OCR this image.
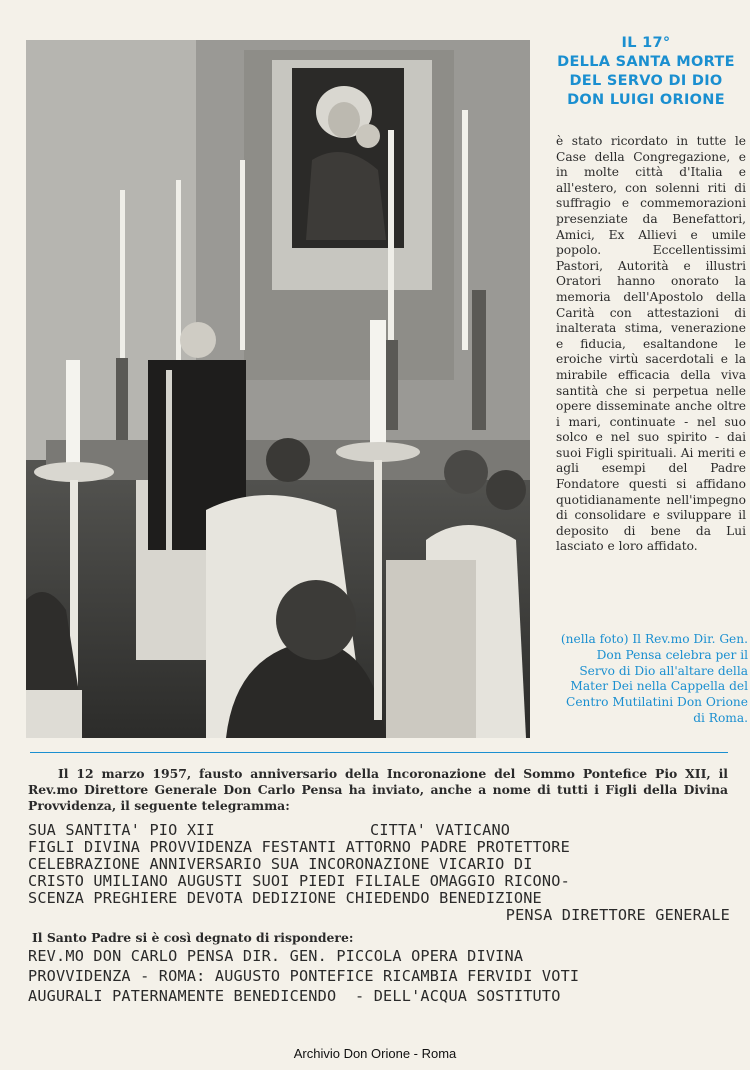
IL 17°
DELLA SANTA MORTE
DEL SERVO DI DIO
DON LUIGI ORIONE
è stato ricordato in tutte le Case della Congregazione, e in molte città d'Italia e all'estero, con solenni riti di suffragio e commemorazioni presenziate da Benefattori, Amici, Ex Allievi e umile popolo. Eccellentissimi Pastori, Autorità e illustri Oratori hanno onorato la memoria dell'Apostolo della Carità con attestazioni di inalterata stima, venerazione e fiducia, esaltandone le eroiche virtù sacerdotali e la mirabile efficacia della viva santità che si perpetua nelle opere disseminate anche oltre i mari, continuate - nel suo solco e nel suo spirito - dai suoi Figli spirituali. Ai meriti e agli esempi del Padre Fondatore questi si affidano quotidianamente nell'impegno di consolidare e sviluppare il deposito di bene da Lui lasciato e loro affidato.
(nella foto) Il Rev.mo Dir. Gen. Don Pensa celebra per il Servo di Dio all'altare della Mater Dei nella Cappella del Centro Mutilatini Don Orione di Roma.
Il 12 marzo 1957, fausto anniversario della Incoronazione del Sommo Pontefice Pio XII, il Rev.mo Direttore Generale Don Carlo Pensa ha inviato, anche a nome di tutti i Figli della Divina Provvidenza, il seguente telegramma:
SUA SANTITA' PIO XII	CITTA' VATICANO
FIGLI DIVINA PROVVIDENZA FESTANTI ATTORNO PADRE PROTETTORE
CELEBRAZIONE ANNIVERSARIO SUA INCORONAZIONE VICARIO DI
CRISTO UMILIANO AUGUSTI SUOI PIEDI FILIALE OMAGGIO RICONO-
SCENZA PREGHIERE DEVOTA DEDIZIONE CHIEDENDO BENEDIZIONE
PENSA DIRETTORE GENERALE
Il Santo Padre si è così degnato di rispondere:
REV.MO DON CARLO PENSA DIR. GEN. PICCOLA OPERA DIVINA
PROVVIDENZA - ROMA: AUGUSTO PONTEFICE RICAMBIA FERVIDI VOTI
AUGURALI PATERNAMENTE BENEDICENDO  - DELL'ACQUA SOSTITUTO
Archivio Don Orione - Roma
